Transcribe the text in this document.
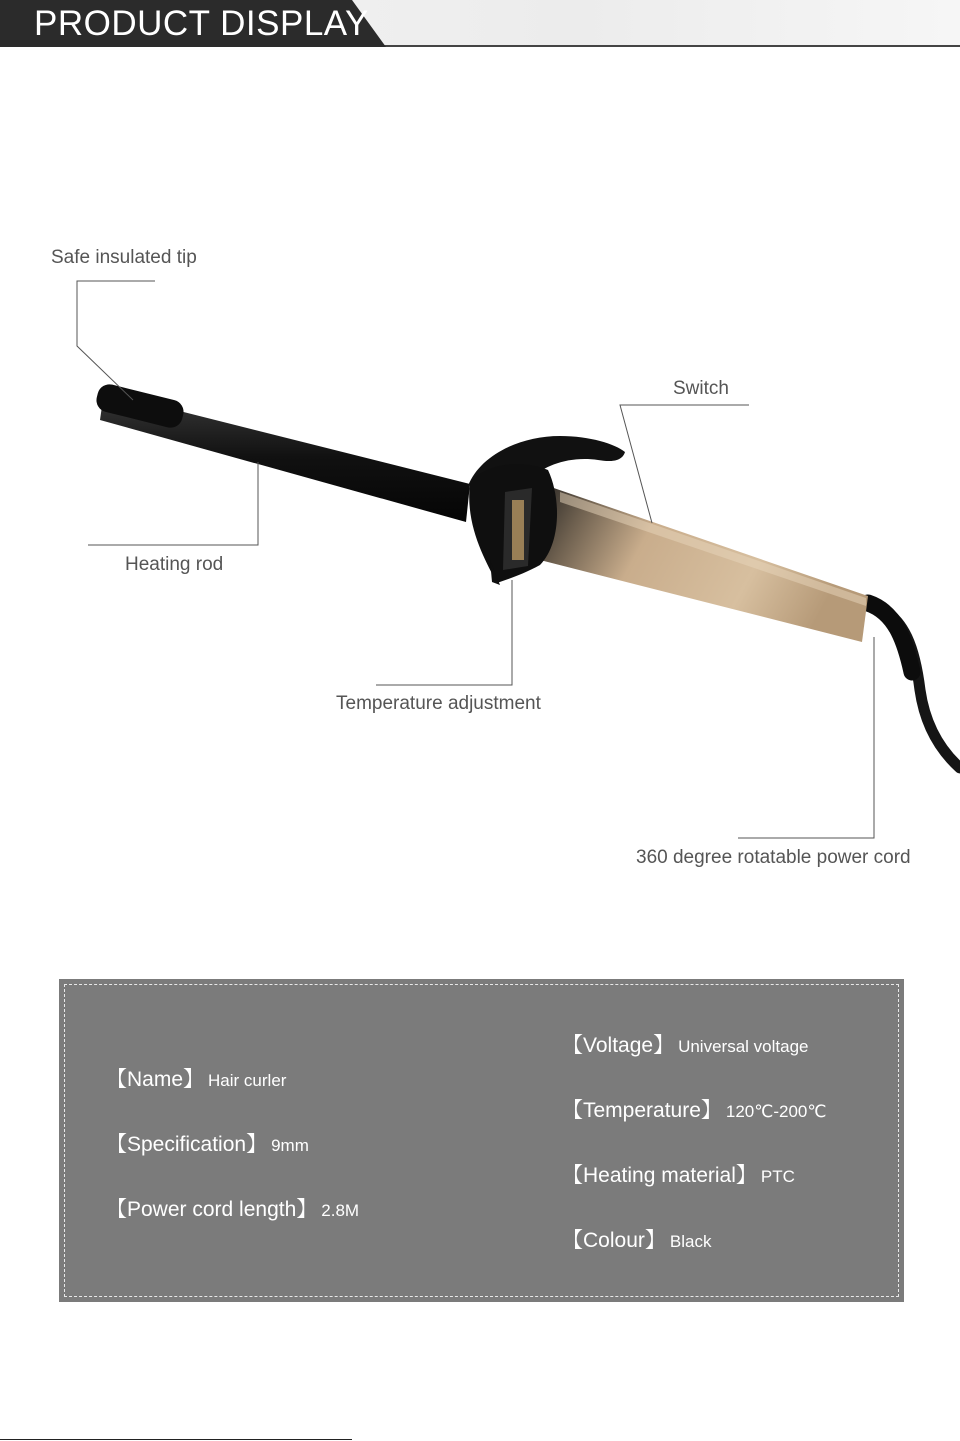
PRODUCT DISPLAY
Safe insulated tip
Switch
Heating rod
Temperature adjustment
360 degree rotatable power cord
【Name】 Hair curler
【Specification】 9mm
【Power cord length】 2.8M
【Voltage】 Universal voltage
【Temperature】 120℃-200℃
【Heating material】 PTC
【Colour】 Black
